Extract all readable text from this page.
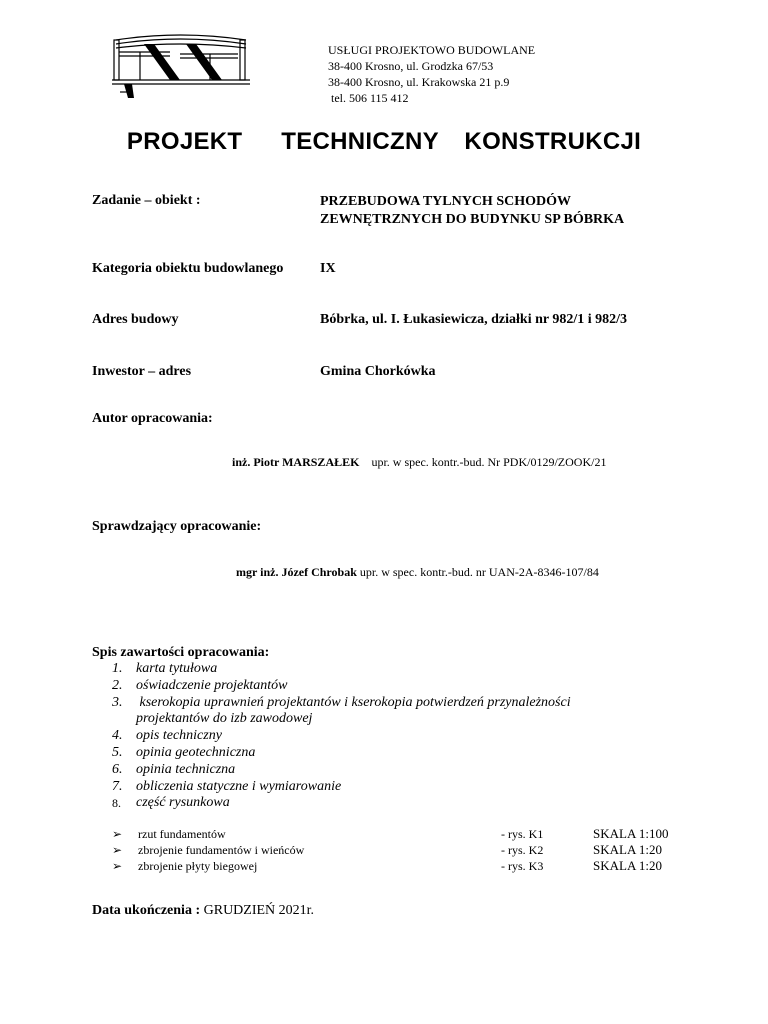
USŁUGI PROJEKTOWO BUDOWLANE
38-400 Krosno, ul. Grodzka 67/53
38-400 Krosno, ul. Krakowska 21 p.9
tel. 506 115 412
PROJEKT   TECHNICZNY  KONSTRUKCJI
Zadanie – obiekt :	PRZEBUDOWA TYLNYCH SCHODÓW
ZEWNĘTRZNYCH DO BUDYNKU SP BÓBRKA
Kategoria obiektu budowlanego	IX
Adres budowy	Bóbrka, ul. I. Łukasiewicza, działki nr 982/1 i 982/3
Inwestor – adres	Gmina Chorkówka
Autor opracowania:
inż. Piotr MARSZAŁEK upr. w spec. kontr.-bud. Nr PDK/0129/ZOOK/21
Sprawdzający opracowanie:
mgr inż. Józef Chrobak upr. w spec. kontr.-bud. nr UAN-2A-8346-107/84
Spis zawartości opracowania:
1. karta tytułowa
2. oświadczenie projektantów
3. kserokopia uprawnień projektantów i kserokopia potwierdzeń przynależności
projektantów do izb zawodowej
4. opis techniczny
5. opinia geotechniczna
6. opinia techniczna
7. obliczenia statyczne i wymiarowanie
8. część rysunkowa
➢ rzut fundamentów	- rys. K1	SKALA 1:100
➢ zbrojenie fundamentów i wieńców	- rys. K2	SKALA 1:20
➢ zbrojenie płyty biegowej	- rys. K3	SKALA 1:20
Data ukończenia : GRUDZIEŃ 2021r.
